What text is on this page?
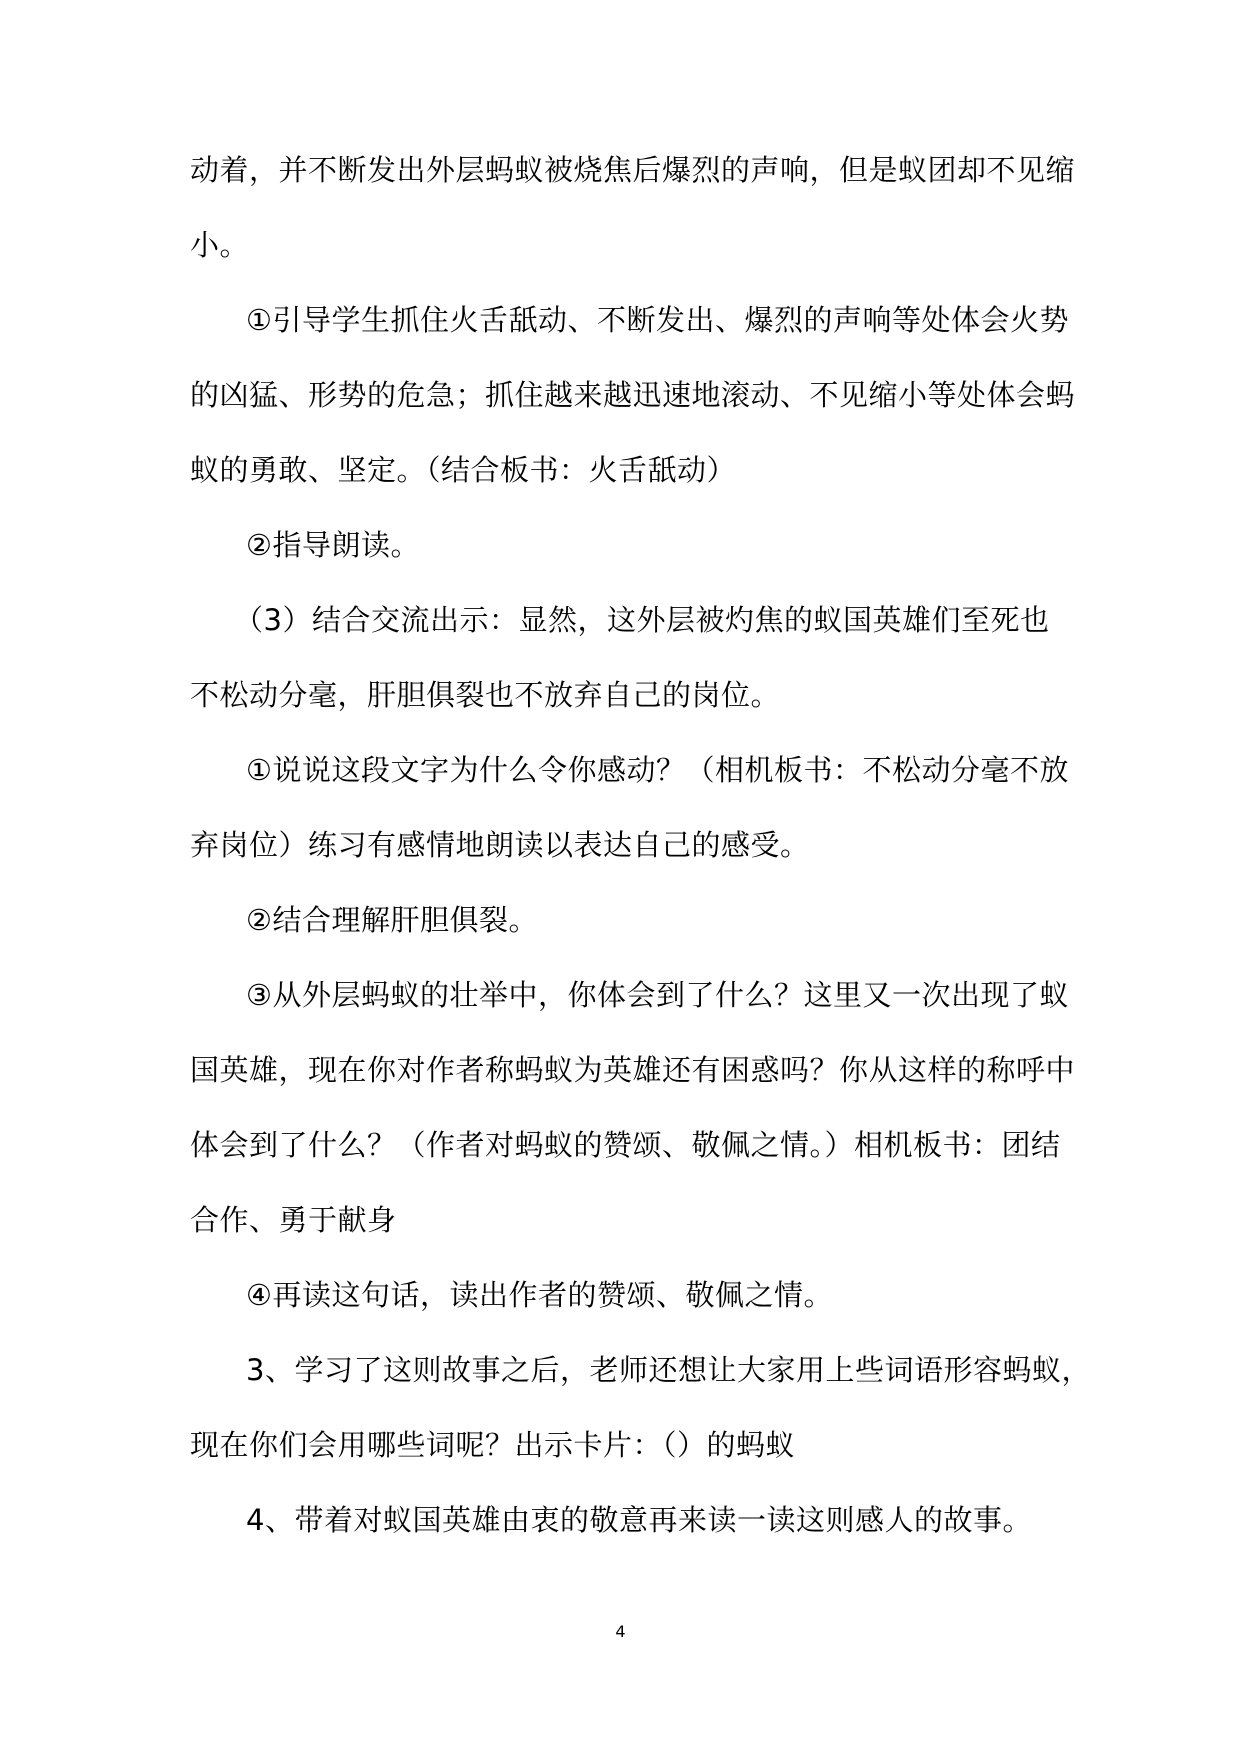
动着，并不断发出外层蚂蚁被烧焦后爆烈的声响，但是蚁团却不见缩
小。
①引导学生抓住火舌舐动、不断发出、爆烈的声响等处体会火势
的凶猛、形势的危急；抓住越来越迅速地滚动、不见缩小等处体会蚂
蚁的勇敢、坚定。（结合板书：火舌舐动）
②指导朗读。
（3）结合交流出示：显然，这外层被灼焦的蚁国英雄们至死也
不松动分毫，肝胆俱裂也不放弃自己的岗位。
①说说这段文字为什么令你感动？（相机板书：不松动分毫不放
弃岗位）练习有感情地朗读以表达自己的感受。
②结合理解肝胆俱裂。
③从外层蚂蚁的壮举中，你体会到了什么？这里又一次出现了蚁
国英雄，现在你对作者称蚂蚁为英雄还有困惑吗？你从这样的称呼中
体会到了什么？（作者对蚂蚁的赞颂、敬佩之情。）相机板书：团结
合作、勇于献身
④再读这句话，读出作者的赞颂、敬佩之情。
3、学习了这则故事之后，老师还想让大家用上些词语形容蚂蚁，
现在你们会用哪些词呢？出示卡片：（）的蚂蚁
4、带着对蚁国英雄由衷的敬意再来读一读这则感人的故事。
4
